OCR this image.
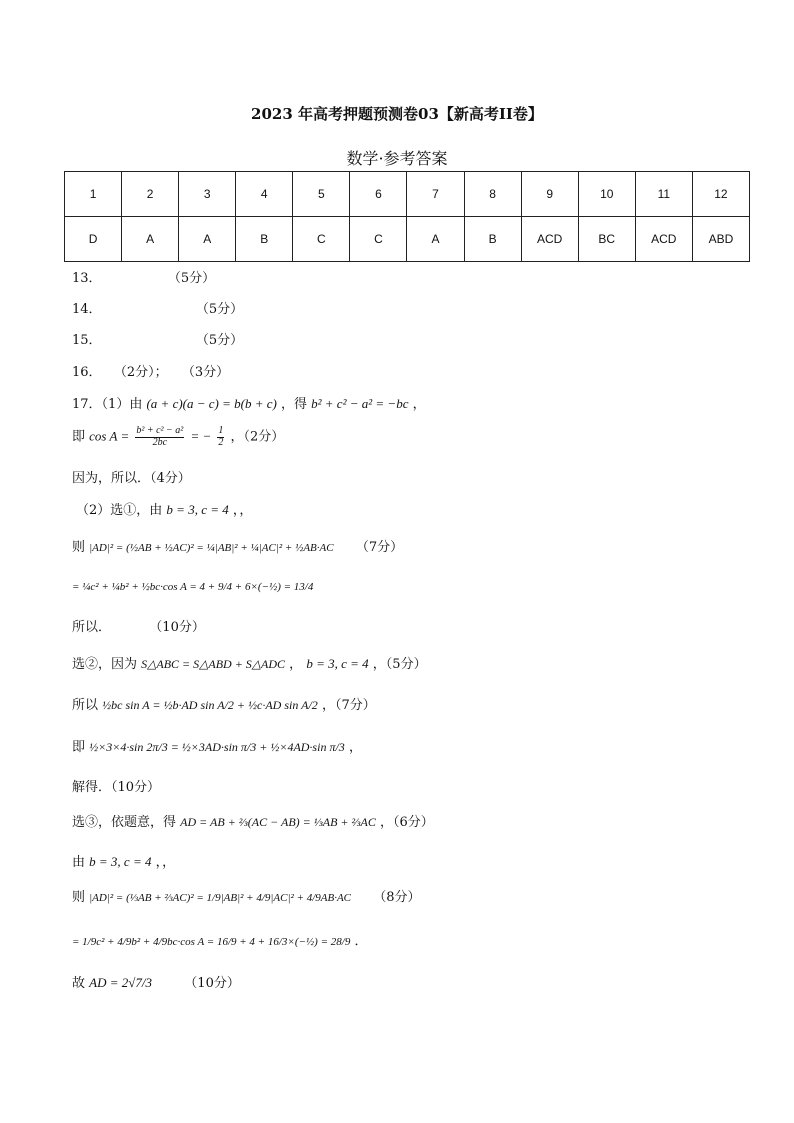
2023 年高考押题预测卷03【新高考II卷】
数学·参考答案
1	2	3	4	5	6	7	8	9	10	11	12
D	A	A	B	C	C	A	B	ACD	BC	ACD	ABD
13．	（5分）
14．	（5分）
15．	（5分）
16． （2分）； （3分）
17．（1）由 (a + c)(a − c) = b(b + c) ，得 b² + c² − a² = −bc ，
即 $\cos A = \frac{\text{b² + c² − a²}}{2bc}$ = − $\frac{1}{2}$ ，（2分）
因为，所以．（4分）
（2）选①，由 b = 3, c = 4 ，，
则 |AD|² = (½AB + ½AC)² = ¼|AB|² + ¼|AC|² + ½AB·AC （7分）
= ¼c² + ¼b² + ½bc·cos A = 4 + 9/4 + 6×(−½) = 13/4
所以．	（10分）
选②，因为 S△ABC = S△ABD + S△ADC ， b = 3, c = 4 ，（5分）
所以 ½bc sin A = ½b·AD sin A/2 + ½c·AD sin A/2 ，（7分）
即 ½×3×4·sin 2π/3 = ½×3AD·sin π/3 + ½×4AD·sin π/3 ，
解得．（10分）
选③，依题意，得 AD = AB + ⅔(AC − AB) = ⅓AB + ⅔AC ，（6分）
由 b = 3, c = 4 ，，
则 |AD|² = (⅓AB + ⅔AC)² = 1/9|AB|² + 4/9|AC|² + 4/9AB·AC （8分）
= 1/9c² + 4/9b² + 4/9bc·cos A = 16/9 + 4 + 16/3×(−½) = 28/9 ．
故 AD = 2√7/3 （10分）
